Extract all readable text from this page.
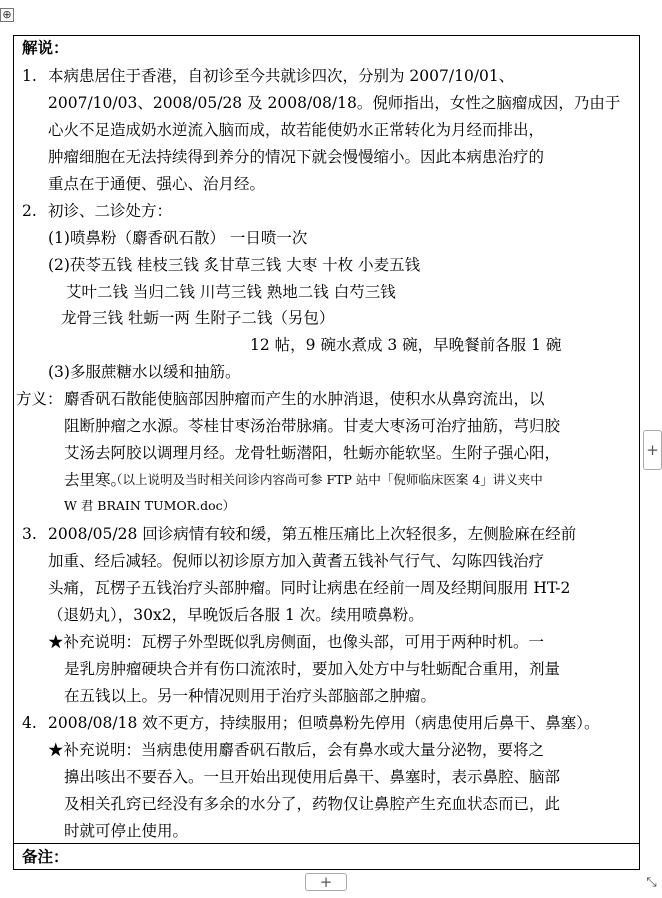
⊕
解说：
1. 本病患居住于香港，自初诊至今共就诊四次，分别为 2007/10/01、
2007/10/03、2008/05/28 及 2008/08/18。倪师指出，女性之脑瘤成因，乃由于
心火不足造成奶水逆流入脑而成，故若能使奶水正常转化为月经而排出，
肿瘤细胞在无法持续得到养分的情况下就会慢慢缩小。因此本病患治疗的
重点在于通便、强心、治月经。
2. 初诊、二诊处方：
(1)喷鼻粉（麝香矾石散） 一日喷一次
(2)茯苓五钱 桂枝三钱 炙甘草三钱 大枣 十枚 小麦五钱
艾叶二钱 当归二钱 川芎三钱 熟地二钱 白芍三钱
龙骨三钱 牡蛎一两 生附子二钱（另包）
12 帖，9 碗水煮成 3 碗，早晚餐前各服 1 碗
(3)多服蔗糖水以缓和抽筋。
方义： 麝香矾石散能使脑部因肿瘤而产生的水肿消退，使积水从鼻窍流出，以
阻断肿瘤之水源。苓桂甘枣汤治带脉痛。甘麦大枣汤可治疗抽筋，芎归胶
艾汤去阿胶以调理月经。龙骨牡蛎潜阳，牡蛎亦能软坚。生附子强心阳，
去里寒。
（以上说明及当时相关问诊内容尚可参 FTP 站中「倪师临床医案 4」讲义夹中
W 君 BRAIN TUMOR.doc）
3. 2008/05/28 回诊病情有较和缓，第五椎压痛比上次轻很多，左侧脸麻在经前
加重、经后减轻。倪师以初诊原方加入黄耆五钱补气行气、勾陈四钱治疗
头痛，瓦楞子五钱治疗头部肿瘤。同时让病患在经前一周及经期间服用 HT-2
（退奶丸），30x2，早晚饭后各服 1 次。续用喷鼻粉。
★补充说明：瓦楞子外型既似乳房侧面，也像头部，可用于两种时机。一
是乳房肿瘤硬块合并有伤口流浓时，要加入处方中与牡蛎配合重用，剂量
在五钱以上。另一种情况则用于治疗头部脑部之肿瘤。
4. 2008/08/18 效不更方，持续服用；但喷鼻粉先停用（病患使用后鼻干、鼻塞）。
★补充说明：当病患使用麝香矾石散后，会有鼻水或大量分泌物，要将之
擤出咳出不要吞入。一旦开始出现使用后鼻干、鼻塞时，表示鼻腔、脑部
及相关孔窍已经没有多余的水分了，药物仅让鼻腔产生充血状态而已，此
时就可停止使用。
备注：
+
+	⤡
